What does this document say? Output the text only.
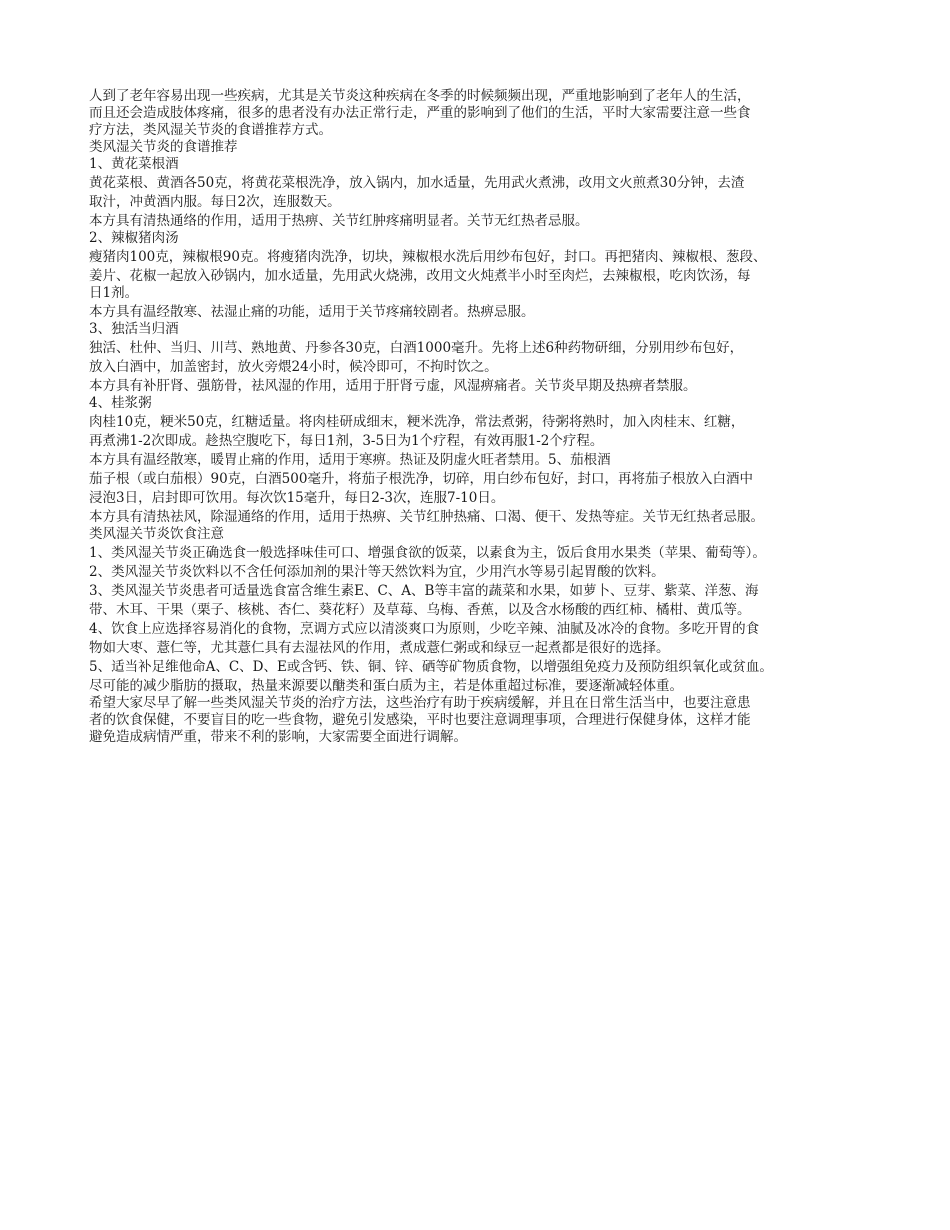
人到了老年容易出现一些疾病，尤其是关节炎这种疾病在冬季的时候频频出现，严重地影响到了老年人的生活，

而且还会造成肢体疼痛，很多的患者没有办法正常行走，严重的影响到了他们的生活，平时大家需要注意一些食

疗方法，类风湿关节炎的食谱推荐方式。

类风湿关节炎的食谱推荐

1、黄花菜根酒

黄花菜根、黄酒各50克，将黄花菜根洗净，放入锅内，加水适量，先用武火煮沸，改用文火煎煮30分钟，去渣

取汁，冲黄酒内服。每日2次，连服数天。

本方具有清热通络的作用，适用于热痹、关节红肿疼痛明显者。关节无红热者忌服。

2、辣椒猪肉汤

瘦猪肉100克，辣椒根90克。将瘦猪肉洗净，切块，辣椒根水洗后用纱布包好，封口。再把猪肉、辣椒根、葱段、

姜片、花椒一起放入砂锅内，加水适量，先用武火烧沸，改用文火炖煮半小时至肉烂，去辣椒根，吃肉饮汤，每

日1剂。

本方具有温经散寒、祛湿止痛的功能，适用于关节疼痛较剧者。热痹忌服。

3、独活当归酒

独活、杜仲、当归、川芎、熟地黄、丹参各30克，白酒1000毫升。先将上述6种药物研细，分别用纱布包好，

放入白酒中，加盖密封，放火旁煨24小时，候冷即可，不拘时饮之。

本方具有补肝肾、强筋骨，祛风湿的作用，适用于肝肾亏虚，风湿痹痛者。关节炎早期及热痹者禁服。

4、桂浆粥

肉桂10克，粳米50克，红糖适量。将肉桂研成细末，粳米洗净，常法煮粥，待粥将熟时，加入肉桂末、红糖，

再煮沸1-2次即成。趁热空腹吃下，每日1剂，3-5日为1个疗程，有效再服1-2个疗程。

本方具有温经散寒，暖胃止痛的作用，适用于寒痹。热证及阴虚火旺者禁用。5、茄根酒

茄子根（或白茄根）90克，白酒500毫升，将茄子根洗净，切碎，用白纱布包好，封口，再将茄子根放入白酒中

浸泡3日，启封即可饮用。每次饮15毫升，每日2-3次，连服7-10日。

本方具有清热祛风，除湿通络的作用，适用于热痹、关节红肿热痛、口渴、便干、发热等症。关节无红热者忌服。

类风湿关节炎饮食注意

1、类风湿关节炎正确选食一般选择味佳可口、增强食欲的饭菜，以素食为主，饭后食用水果类（苹果、葡萄等）。

2、类风湿关节炎饮料以不含任何添加剂的果汁等天然饮料为宜，少用汽水等易引起胃酸的饮料。

3、类风湿关节炎患者可适量选食富含维生素E、C、A、B等丰富的蔬菜和水果，如萝卜、豆芽、紫菜、洋葱、海

带、木耳、干果（栗子、核桃、杏仁、葵花籽）及草莓、乌梅、香蕉，以及含水杨酸的西红柿、橘柑、黄瓜等。

4、饮食上应选择容易消化的食物，烹调方式应以清淡爽口为原则，少吃辛辣、油腻及冰冷的食物。多吃开胃的食

物如大枣、薏仁等，尤其薏仁具有去湿祛风的作用，煮成薏仁粥或和绿豆一起煮都是很好的选择。

5、适当补足维他命A、C、D、E或含钙、铁、铜、锌、硒等矿物质食物，以增强组免疫力及预防组织氧化或贫血。

尽可能的减少脂肪的摄取，热量来源要以醣类和蛋白质为主，若是体重超过标准，要逐渐减轻体重。

希望大家尽早了解一些类风湿关节炎的治疗方法，这些治疗有助于疾病缓解，并且在日常生活当中，也要注意患

者的饮食保健，不要盲目的吃一些食物，避免引发感染，平时也要注意调理事项，合理进行保健身体，这样才能

避免造成病情严重，带来不利的影响，大家需要全面进行调解。
